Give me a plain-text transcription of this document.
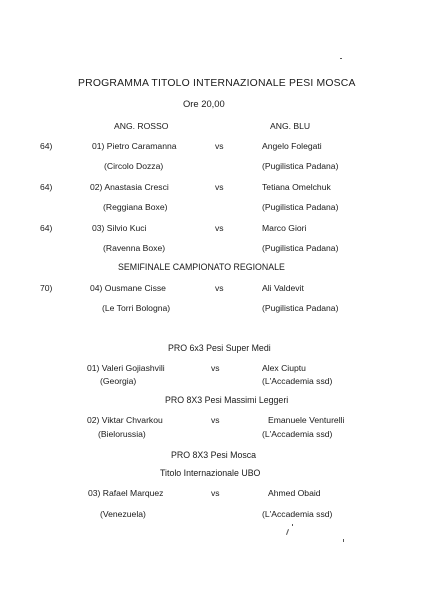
PROGRAMMA TITOLO INTERNAZIONALE PESI MOSCA
Ore 20,00
ANG. ROSSO	ANG. BLU
64)	01) Pietro Caramanna	vs	Angelo Folegati
(Circolo Dozza)	(Pugilistica Padana)
64)	02) Anastasia Cresci	vs	Tetiana Omelchuk
(Reggiana Boxe)	(Pugilistica Padana)
64)	03) Silvio Kuci	vs	Marco Giori
(Ravenna Boxe)	(Pugilistica Padana)
SEMIFINALE CAMPIONATO REGIONALE
70)	04) Ousmane Cisse	vs	Ali Valdevit
(Le Torri Bologna)	(Pugilistica Padana)
PRO 6x3 Pesi Super Medi
01) Valeri Gojiashvili	vs	Alex Ciuptu
(Georgia)	(L'Accademia ssd)
PRO 8X3 Pesi Massimi Leggeri
02) Viktar Chvarkou	vs	Emanuele Venturelli
(Bielorussia)	(L'Accademia ssd)
PRO 8X3 Pesi Mosca
Titolo Internazionale UBO
03) Rafael Marquez	vs	Ahmed Obaid
(Venezuela)	(L'Accademia ssd)
